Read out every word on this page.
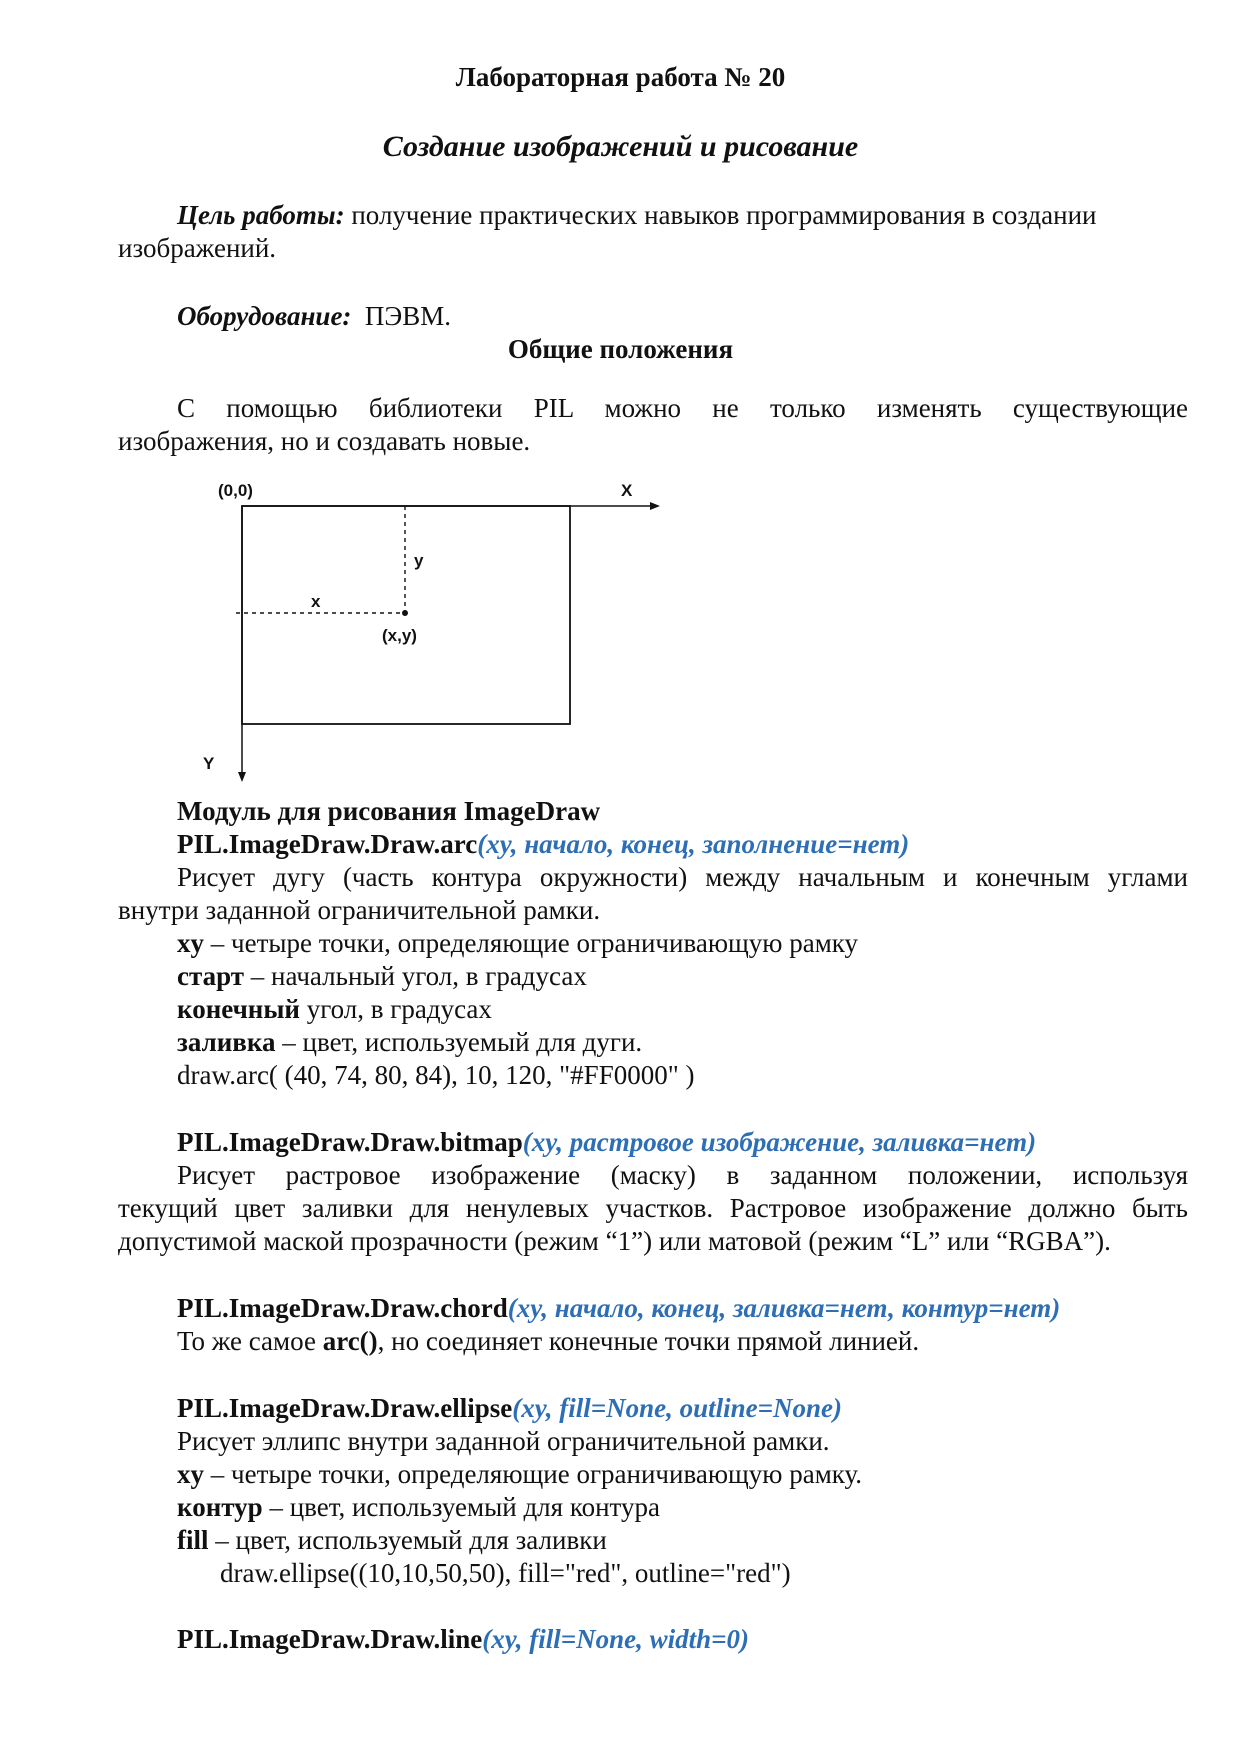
Лабораторная работа № 20
Создание изображений и рисование
Цель работы: получение практических навыков программирования в создании
изображений.
Оборудование: ПЭВМ.
Общие положения
С помощью библиотеки PIL можно не только изменять существующие
изображения, но и создавать новые.
(0,0)	X
Y
x
y
(x,y)
Модуль для рисования ImageDraw
PIL.ImageDraw.Draw.arc(xy, начало, конец, заполнение=нет)
Рисует дугу (часть контура окружности) между начальным и конечным углами
внутри заданной ограничительной рамки.
xy – четыре точки, определяющие ограничивающую рамку
старт – начальный угол, в градусах
конечный угол, в градусах
заливка – цвет, используемый для дуги.
draw.arc( (40, 74, 80, 84), 10, 120, "#FF0000" )
PIL.ImageDraw.Draw.bitmap(xy, растровое изображение, заливка=нет)
Рисует растровое изображение (маску) в заданном положении, используя
текущий цвет заливки для ненулевых участков. Растровое изображение должно быть
допустимой маской прозрачности (режим “1”) или матовой (режим “L” или “RGBA”).
PIL.ImageDraw.Draw.chord(xy, начало, конец, заливка=нет, контур=нет)
То же самое arc(), но соединяет конечные точки прямой линией.
PIL.ImageDraw.Draw.ellipse(xy, fill=None, outline=None)
Рисует эллипс внутри заданной ограничительной рамки.
xy – четыре точки, определяющие ограничивающую рамку.
контур – цвет, используемый для контура
fill – цвет, используемый для заливки
draw.ellipse((10,10,50,50), fill="red", outline="red")
PIL.ImageDraw.Draw.line(xy, fill=None, width=0)
